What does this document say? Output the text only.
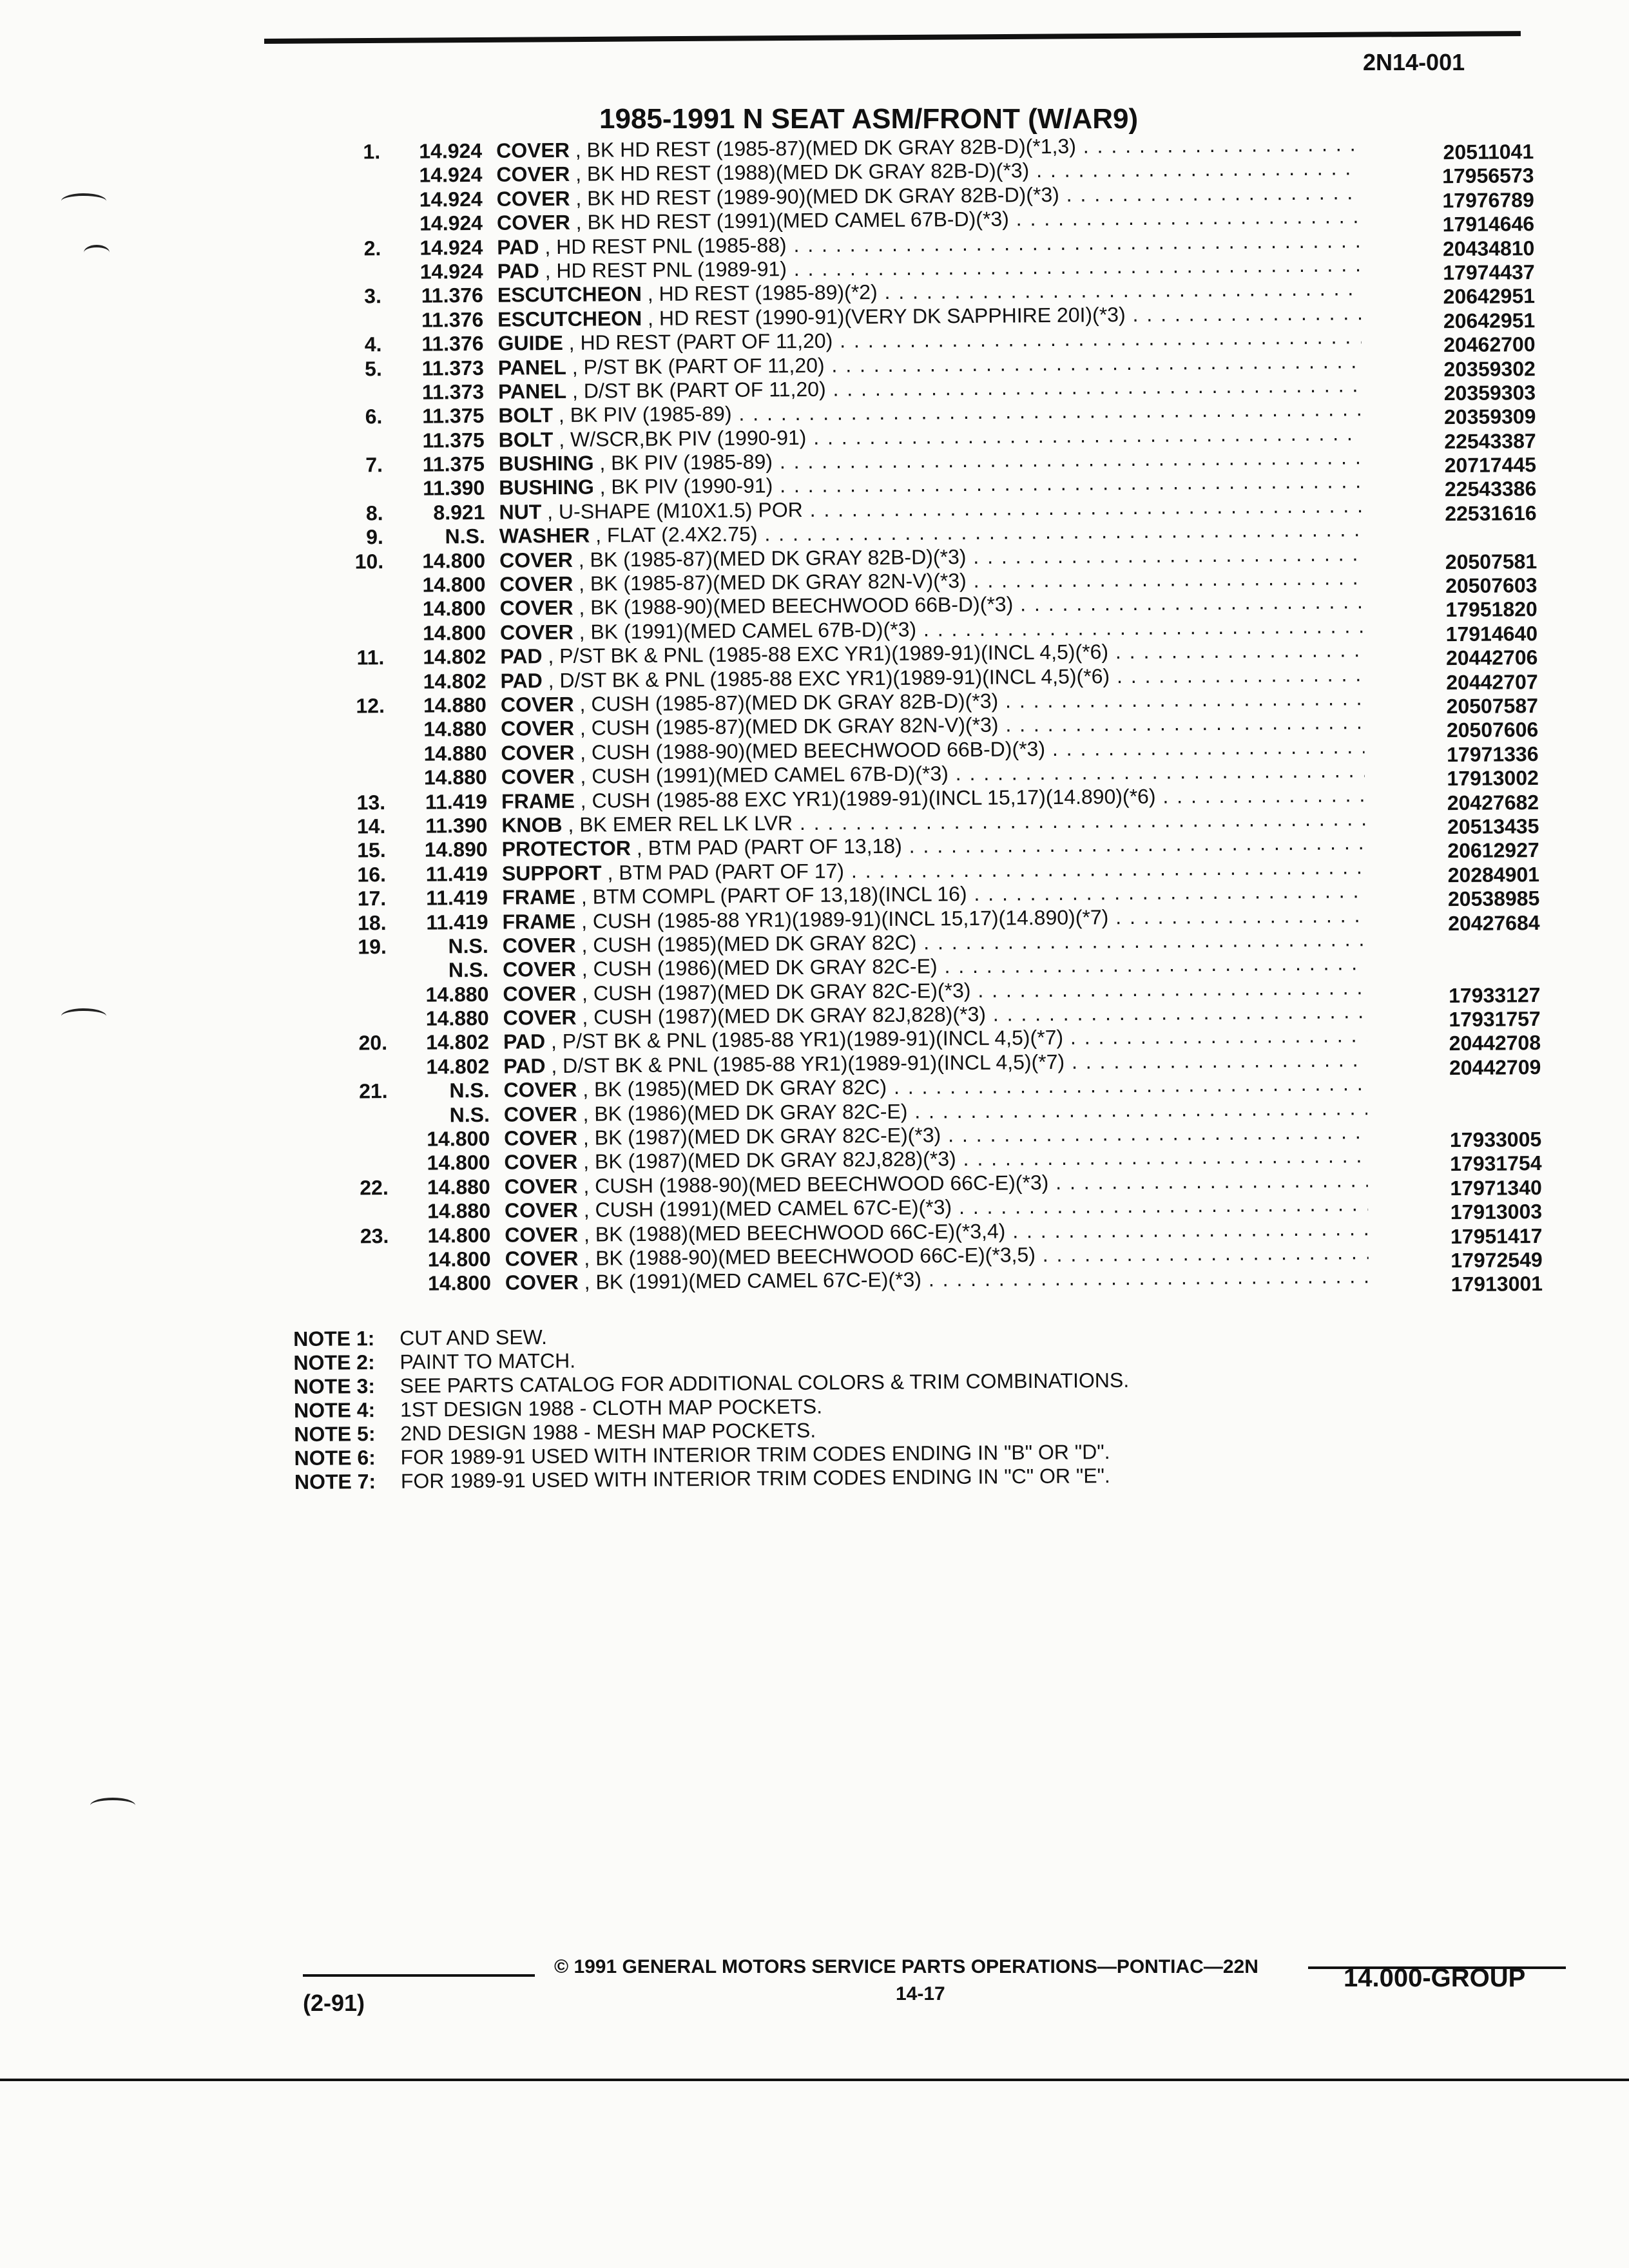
2N14-001
1985-1991 N SEAT ASM/FRONT (W/AR9)
1.	14.924 COVER , BK HD REST (1985-87)(MED DK GRAY 82B-D)(*1,3) . . .	20511041
14.924 COVER , BK HD REST (1988)(MED DK GRAY 82B-D)(*3) . . .	17956573
14.924 COVER , BK HD REST (1989-90)(MED DK GRAY 82B-D)(*3) . . .	17976789
14.924 COVER , BK HD REST (1991)(MED CAMEL 67B-D)(*3) . . .	17914646
2.	14.924 PAD , HD REST PNL (1985-88) . . .	20434810
14.924 PAD , HD REST PNL (1989-91) . . .	17974437
3.	11.376 ESCUTCHEON , HD REST (1985-89)(*2) . . .	20642951
11.376 ESCUTCHEON , HD REST (1990-91)(VERY DK SAPPHIRE 20I)(*3) . . .	20642951
4.	11.376 GUIDE , HD REST (PART OF 11,20) . . .	20462700
5.	11.373 PANEL , P/ST BK (PART OF 11,20) . . .	20359302
11.373 PANEL , D/ST BK (PART OF 11,20) . . .	20359303
6.	11.375 BOLT , BK PIV (1985-89) . . .	20359309
11.375 BOLT , W/SCR,BK PIV (1990-91) . . .	22543387
7.	11.375 BUSHING , BK PIV (1985-89) . . .	20717445
11.390 BUSHING , BK PIV (1990-91) . . .	22543386
8.	8.921 NUT , U-SHAPE (M10X1.5) POR . . .	22531616
9.	N.S. WASHER , FLAT (2.4X2.75) . . .
10.	14.800 COVER , BK (1985-87)(MED DK GRAY 82B-D)(*3) . . .	20507581
14.800 COVER , BK (1985-87)(MED DK GRAY 82N-V)(*3) . . .	20507603
14.800 COVER , BK (1988-90)(MED BEECHWOOD 66B-D)(*3) . . .	17951820
14.800 COVER , BK (1991)(MED CAMEL 67B-D)(*3) . . .	17914640
11.	14.802 PAD , P/ST BK & PNL (1985-88 EXC YR1)(1989-91)(INCL 4,5)(*6) . . .	20442706
14.802 PAD , D/ST BK & PNL (1985-88 EXC YR1)(1989-91)(INCL 4,5)(*6) . . .	20442707
12.	14.880 COVER , CUSH (1985-87)(MED DK GRAY 82B-D)(*3) . . .	20507587
14.880 COVER , CUSH (1985-87)(MED DK GRAY 82N-V)(*3) . . .	20507606
14.880 COVER , CUSH (1988-90)(MED BEECHWOOD 66B-D)(*3) . . .	17971336
14.880 COVER , CUSH (1991)(MED CAMEL 67B-D)(*3) . . .	17913002
13.	11.419 FRAME , CUSH (1985-88 EXC YR1)(1989-91)(INCL 15,17)(14.890)(*6) . . .	20427682
14.	11.390 KNOB , BK EMER REL LK LVR . . .	20513435
15.	14.890 PROTECTOR , BTM PAD (PART OF 13,18) . . .	20612927
16.	11.419 SUPPORT , BTM PAD (PART OF 17) . . .	20284901
17.	11.419 FRAME , BTM COMPL (PART OF 13,18)(INCL 16) . . .	20538985
18.	11.419 FRAME , CUSH (1985-88 YR1)(1989-91)(INCL 15,17)(14.890)(*7) . . .	20427684
19.	N.S. COVER , CUSH (1985)(MED DK GRAY 82C) . . .
N.S. COVER , CUSH (1986)(MED DK GRAY 82C-E) . . .
14.880 COVER , CUSH (1987)(MED DK GRAY 82C-E)(*3) . . .	17933127
14.880 COVER , CUSH (1987)(MED DK GRAY 82J,828)(*3) . . .	17931757
20.	14.802 PAD , P/ST BK & PNL (1985-88 YR1)(1989-91)(INCL 4,5)(*7) . . .	20442708
14.802 PAD , D/ST BK & PNL (1985-88 YR1)(1989-91)(INCL 4,5)(*7) . . .	20442709
21.	N.S. COVER , BK (1985)(MED DK GRAY 82C) . . .
N.S. COVER , BK (1986)(MED DK GRAY 82C-E) . . .
14.800 COVER , BK (1987)(MED DK GRAY 82C-E)(*3) . . .	17933005
14.800 COVER , BK (1987)(MED DK GRAY 82J,828)(*3) . . .	17931754
22.	14.880 COVER , CUSH (1988-90)(MED BEECHWOOD 66C-E)(*3) . . .	17971340
14.880 COVER , CUSH (1991)(MED CAMEL 67C-E)(*3) . . .	17913003
23.	14.800 COVER , BK (1988)(MED BEECHWOOD 66C-E)(*3,4) . . .	17951417
14.800 COVER , BK (1988-90)(MED BEECHWOOD 66C-E)(*3,5) . . .	17972549
14.800 COVER , BK (1991)(MED CAMEL 67C-E)(*3) . . .	17913001
NOTE 1: CUT AND SEW.
NOTE 2: PAINT TO MATCH.
NOTE 3: SEE PARTS CATALOG FOR ADDITIONAL COLORS & TRIM COMBINATIONS.
NOTE 4: 1ST DESIGN 1988 - CLOTH MAP POCKETS.
NOTE 5: 2ND DESIGN 1988 - MESH MAP POCKETS.
NOTE 6: FOR 1989-91 USED WITH INTERIOR TRIM CODES ENDING IN "B" OR "D".
NOTE 7: FOR 1989-91 USED WITH INTERIOR TRIM CODES ENDING IN "C" OR "E".
© 1991 GENERAL MOTORS SERVICE PARTS OPERATIONS—PONTIAC—22N
14-17
(2-91)
14.000-GROUP
